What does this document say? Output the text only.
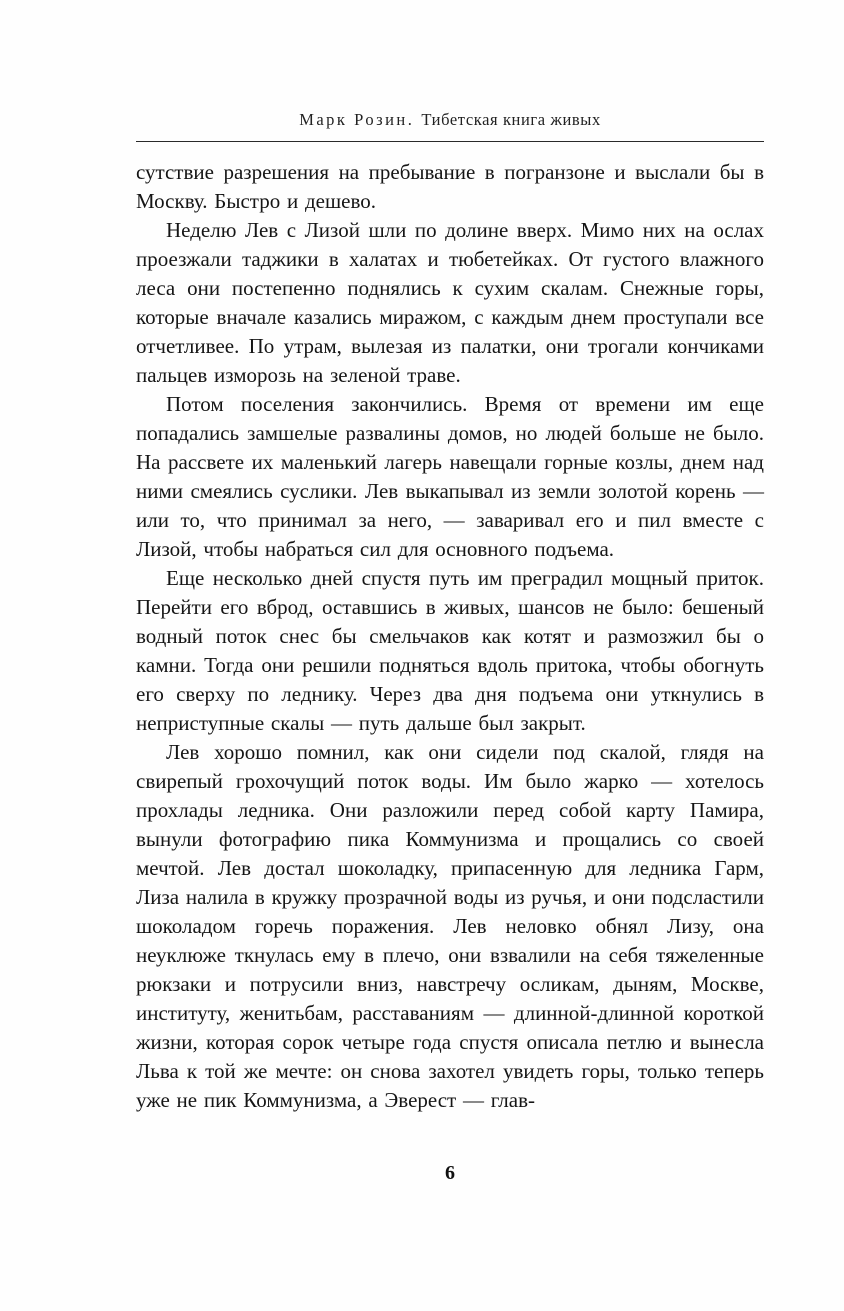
Марк Розин. Тибетская книга живых

сутствие разрешения на пребывание в погранзоне и выслали бы в Москву. Быстро и дешево.

Неделю Лев с Лизой шли по долине вверх. Мимо них на ослах проезжали таджики в халатах и тюбетейках. От густого влажного леса они постепенно поднялись к сухим скалам. Снежные горы, которые вначале казались миражом, с каждым днем проступали все отчетливее. По утрам, вылезая из палатки, они трогали кончиками пальцев изморозь на зеленой траве.

Потом поселения закончились. Время от времени им еще попадались замшелые развалины домов, но людей больше не было. На рассвете их маленький лагерь навещали горные козлы, днем над ними смеялись суслики. Лев выкапывал из земли золотой корень — или то, что принимал за него, — заваривал его и пил вместе с Лизой, чтобы набраться сил для основного подъема.

Еще несколько дней спустя путь им преградил мощный приток. Перейти его вброд, оставшись в живых, шансов не было: бешеный водный поток снес бы смельчаков как котят и размозжил бы о камни. Тогда они решили подняться вдоль притока, чтобы обогнуть его сверху по леднику. Через два дня подъема они уткнулись в неприступные скалы — путь дальше был закрыт.

Лев хорошо помнил, как они сидели под скалой, глядя на свирепый грохочущий поток воды. Им было жарко — хотелось прохлады ледника. Они разложили перед собой карту Памира, вынули фотографию пика Коммунизма и прощались со своей мечтой. Лев достал шоколадку, припасенную для ледника Гарм, Лиза налила в кружку прозрачной воды из ручья, и они подсластили шоколадом горечь поражения. Лев неловко обнял Лизу, она неуклюже ткнулась ему в плечо, они взвалили на себя тяжеленные рюкзаки и потрусили вниз, навстречу осликам, дыням, Москве, институту, женитьбам, расставаниям — длинной-длинной короткой жизни, которая сорок четыре года спустя описала петлю и вынесла Льва к той же мечте: он снова захотел увидеть горы, только теперь уже не пик Коммунизма, а Эверест — глав-

6
